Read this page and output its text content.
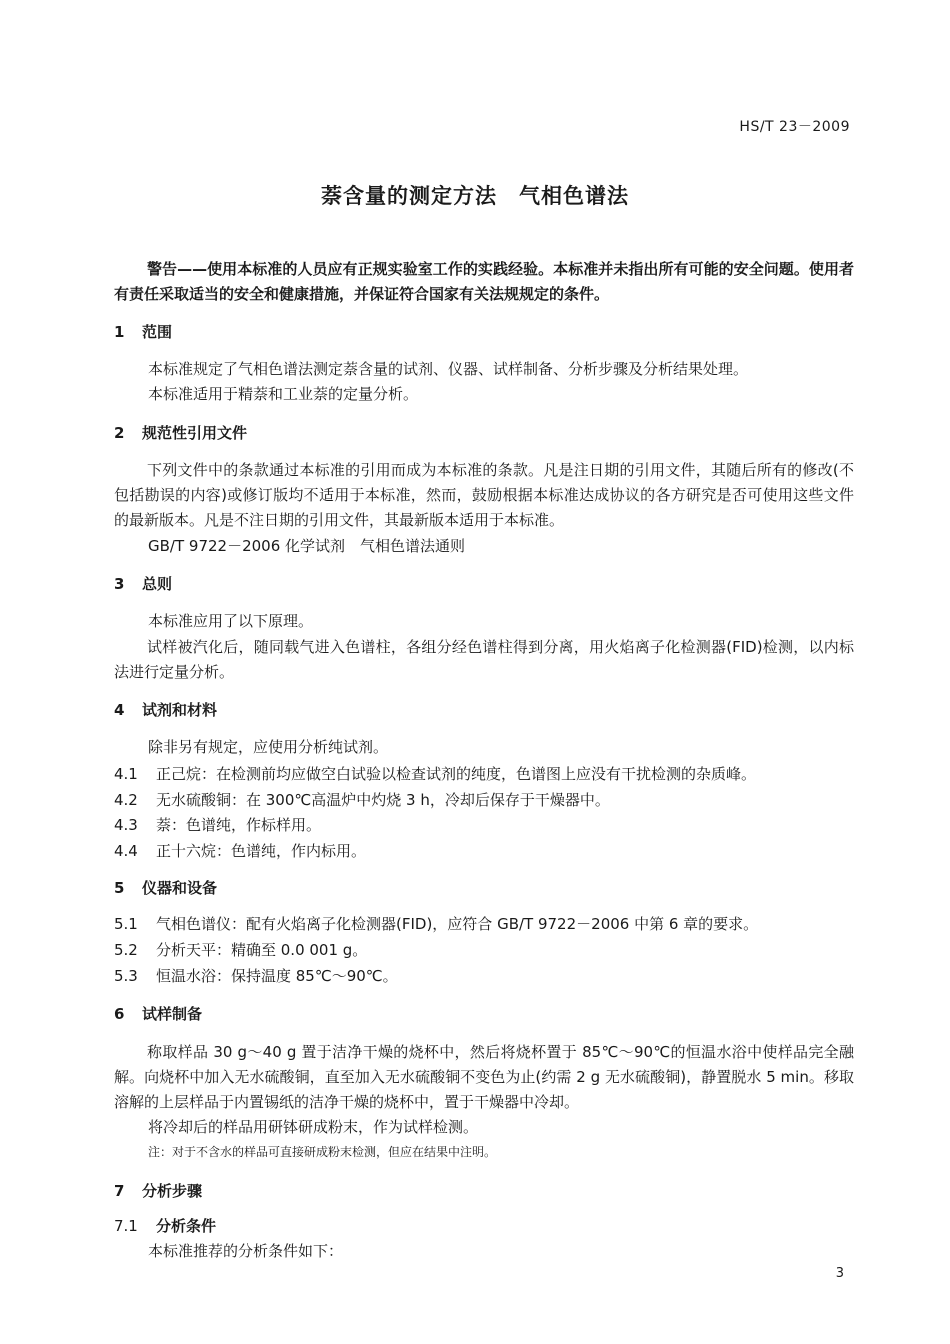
HS/T 23－2009
萘含量的测定方法　气相色谱法
警告——使用本标准的人员应有正规实验室工作的实践经验。本标准并未指出所有可能的安全问题。使用者有责任采取适当的安全和健康措施，并保证符合国家有关法规规定的条件。
1 范围
本标准规定了气相色谱法测定萘含量的试剂、仪器、试样制备、分析步骤及分析结果处理。
本标准适用于精萘和工业萘的定量分析。
2 规范性引用文件
下列文件中的条款通过本标准的引用而成为本标准的条款。凡是注日期的引用文件，其随后所有的修改(不包括勘误的内容)或修订版均不适用于本标准，然而，鼓励根据本标准达成协议的各方研究是否可使用这些文件的最新版本。凡是不注日期的引用文件，其最新版本适用于本标准。
GB/T 9722－2006 化学试剂　气相色谱法通则
3 总则
本标准应用了以下原理。
试样被汽化后，随同载气进入色谱柱，各组分经色谱柱得到分离，用火焰离子化检测器(FID)检测，以内标法进行定量分析。
4 试剂和材料
除非另有规定，应使用分析纯试剂。
4.1 正己烷：在检测前均应做空白试验以检查试剂的纯度，色谱图上应没有干扰检测的杂质峰。
4.2 无水硫酸铜：在 300℃高温炉中灼烧 3 h，冷却后保存于干燥器中。
4.3 萘：色谱纯，作标样用。
4.4 正十六烷：色谱纯，作内标用。
5 仪器和设备
5.1 气相色谱仪：配有火焰离子化检测器(FID)，应符合 GB/T 9722－2006 中第 6 章的要求。
5.2 分析天平：精确至 0.0 001 g。
5.3 恒温水浴：保持温度 85℃～90℃。
6 试样制备
称取样品 30 g～40 g 置于洁净干燥的烧杯中，然后将烧杯置于 85℃～90℃的恒温水浴中使样品完全融解。向烧杯中加入无水硫酸铜，直至加入无水硫酸铜不变色为止(约需 2 g 无水硫酸铜)，静置脱水 5 min。移取溶解的上层样品于内置锡纸的洁净干燥的烧杯中，置于干燥器中冷却。
将冷却后的样品用研钵研成粉末，作为试样检测。
注：对于不含水的样品可直接研成粉末检测，但应在结果中注明。
7 分析步骤
7.1 分析条件
本标准推荐的分析条件如下：
3
